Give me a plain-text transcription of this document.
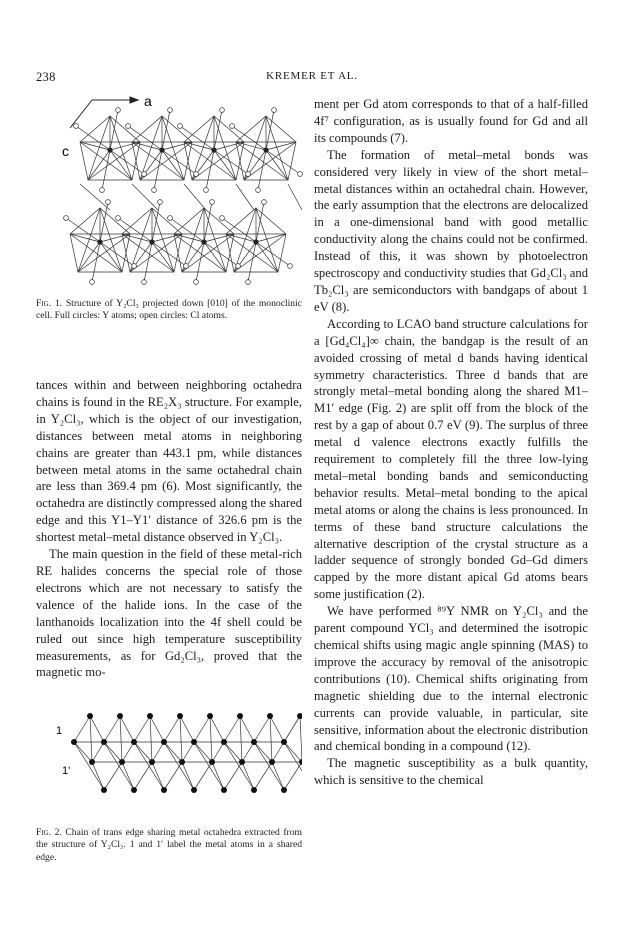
238	KREMER ET AL.
a
c
Fig. 1. Structure of Y₂Cl₃ projected down [010] of the monoclinic cell. Full circles: Y atoms; open circles: Cl atoms.

tances within and between neighboring octahedra chains is found in the RE₂X₃ structure. For example, in Y₂Cl₃, which is the object of our investigation, distances between metal atoms in neighboring chains are greater than 443.1 pm, while distances between metal atoms in the same octahedral chain are less than 369.4 pm (6). Most significantly, the octahedra are distinctly compressed along the shared edge and this Y1–Y1′ distance of 326.6 pm is the shortest metal–metal distance observed in Y₂Cl₃.

The main question in the field of these metal-rich RE halides concerns the special role of those electrons which are not necessary to satisfy the valence of the halide ions. In the case of the lanthanoids localization into the 4f shell could be ruled out since high temperature susceptibility measurements, as for Gd₂Cl₃, proved that the magnetic mo-

1
1'
Fig. 2. Chain of trans edge sharing metal octahedra extracted from the structure of Y₂Cl₃. 1 and 1′ label the metal atoms in a shared edge.

ment per Gd atom corresponds to that of a half-filled 4f⁷ configuration, as is usually found for Gd and all its compounds (7).

The formation of metal–metal bonds was considered very likely in view of the short metal–metal distances within an octahedral chain. However, the early assumption that the electrons are delocalized in a one-dimensional band with good metallic conductivity along the chains could not be confirmed. Instead of this, it was shown by photoelectron spectroscopy and conductivity studies that Gd₂Cl₃ and Tb₂Cl₃ are semiconductors with bandgaps of about 1 eV (8).

According to LCAO band structure calculations for a [Gd₄Cl₄]∞ chain, the bandgap is the result of an avoided crossing of metal d bands having identical symmetry characteristics. Three d bands that are strongly metal–metal bonding along the shared M1–M1′ edge (Fig. 2) are split off from the block of the rest by a gap of about 0.7 eV (9). The surplus of three metal d valence electrons exactly fulfills the requirement to completely fill the three low-lying metal–metal bonding bands and semiconducting behavior results. Metal–metal bonding to the apical metal atoms or along the chains is less pronounced. In terms of these band structure calculations the alternative description of the crystal structure as a ladder sequence of strongly bonded Gd–Gd dimers capped by the more distant apical Gd atoms bears some justification (2).

We have performed ⁸⁹Y NMR on Y₂Cl₃ and the parent compound YCl₃ and determined the isotropic chemical shifts using magic angle spinning (MAS) to improve the accuracy by removal of the anisotropic contributions (10). Chemical shifts originating from magnetic shielding due to the internal electronic currents can provide valuable, in particular, site sensitive, information about the electronic distribution and chemical bonding in a compound (12).

The magnetic susceptibility as a bulk quantity, which is sensitive to the chemical
